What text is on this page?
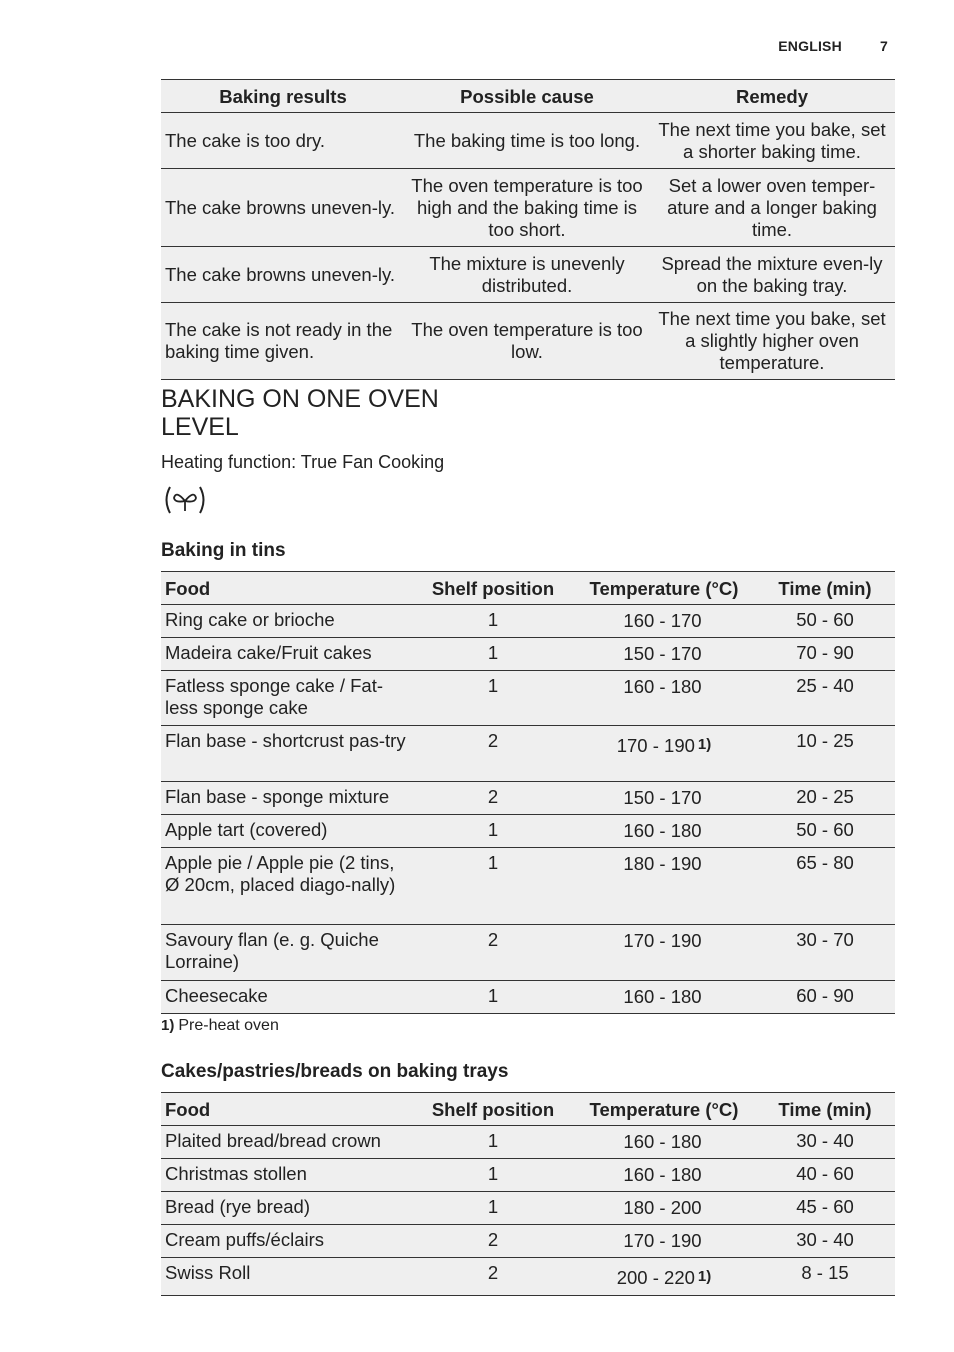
ENGLISH	7
Baking results	Possible cause	Remedy
The cake is too dry.	The baking time is too long.	The next time you bake, set a shorter baking time.
The cake browns uneven-ly.	The oven temperature is too high and the baking time is too short.	Set a lower oven temper-ature and a longer baking time.
The cake browns uneven-ly.	The mixture is unevenly distributed.	Spread the mixture even-ly on the baking tray.
The cake is not ready in the baking time given.	The oven temperature is too low.	The next time you bake, set a slightly higher oven temperature.
BAKING ON ONE OVEN
LEVEL
Heating function: True Fan Cooking
Baking in tins
Food	Shelf position	Temperature (°C)	Time (min)
Ring cake or brioche	1	160 - 170	50 - 60
Madeira cake/Fruit cakes	1	150 - 170	70 - 90
Fatless sponge cake / Fat-less sponge cake	1	160 - 180	25 - 40
Flan base - shortcrust pas-try	2	170 - 190 1)	10 - 25
Flan base - sponge mixture	2	150 - 170	20 - 25
Apple tart (covered)	1	160 - 180	50 - 60
Apple pie / Apple pie (2 tins, Ø 20cm, placed diago-nally)	1	180 - 190	65 - 80
Savoury flan (e. g. Quiche Lorraine)	2	170 - 190	30 - 70
Cheesecake	1	160 - 180	60 - 90
1) Pre-heat oven
Cakes/pastries/breads on baking trays
Food	Shelf position	Temperature (°C)	Time (min)
Plaited bread/bread crown	1	160 - 180	30 - 40
Christmas stollen	1	160 - 180	40 - 60
Bread (rye bread)	1	180 - 200	45 - 60
Cream puffs/éclairs	2	170 - 190	30 - 40
Swiss Roll	2	200 - 220 1)	8 - 15
